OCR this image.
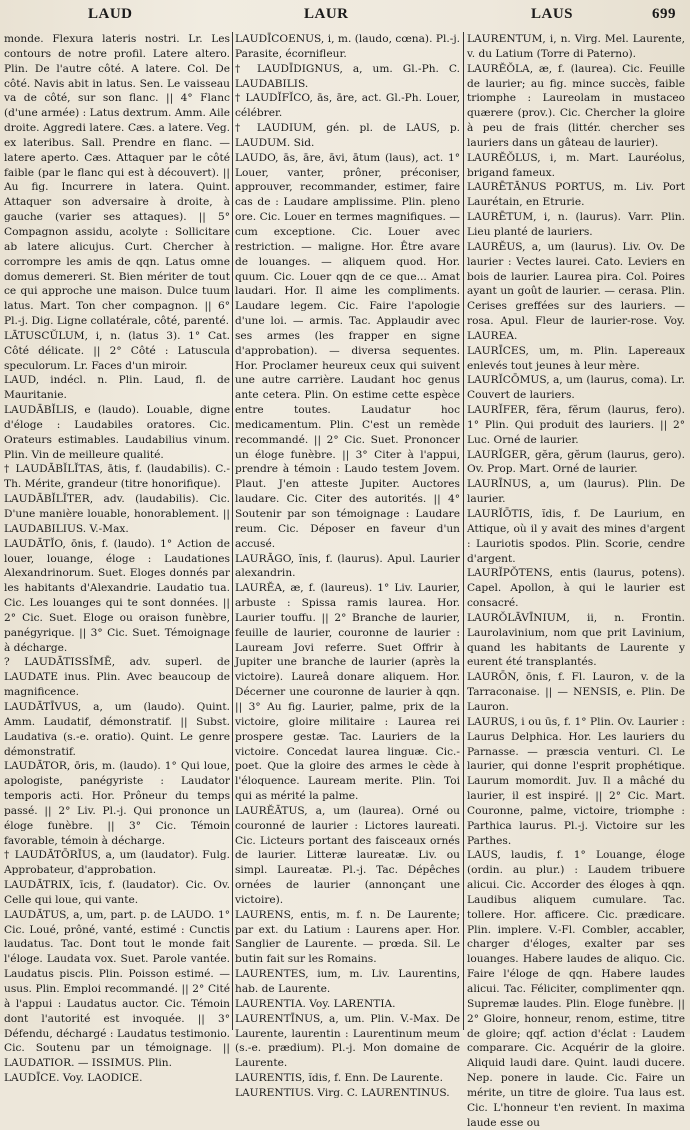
LAUD	LAUR	LAUS	699

monde. Flexura lateris nostri. Lr. Les contours de notre profil. Latere altero. Plin. De l'autre côté. A latere. Col. De côté. Navis abit in latus. Sen. Le vaisseau va de côté, sur son flanc. || 4° Flanc (d'une armée) : Latus dextrum. Amm. Aile droite. Aggredi latere. Cæs. a latere. Veg. ex lateribus. Sall. Prendre en flanc. — latere aperto. Cæs. Attaquer par le côté faible (par le flanc qui est à découvert). || Au fig. Incurrere in latera. Quint. Attaquer son adversaire à droite, à gauche (varier ses attaques). || 5° Compagnon assidu, acolyte : Sollicitare ab latere alicujus. Curt. Chercher à corrompre les amis de qqn. Latus omne domus demereri. St. Bien mériter de tout ce qui approche une maison. Dulce tuum latus. Mart. Ton cher compagnon. || 6° Pl.-j. Dig. Ligne collatérale, côté, parenté.

LĀTUSCŬLUM, i, n. (latus 3). 1° Cat. Côté délicate. || 2° Côté : Latuscula speculorum. Lr. Faces d'un miroir.

LAUD, indécl. n. Plin. Laud, fl. de Mauritanie.

LAUDĀBĬLIS, e (laudo). Louable, digne d'éloge : Laudabiles oratores. Cic. Orateurs estimables. Laudabilius vinum. Plin. Vin de meilleure qualité.

† LAUDĀBĬLĬTAS, ātis, f. (laudabilis). C.-Th. Mérite, grandeur (titre honorifique).

LAUDĀBĬLĬTER, adv. (laudabilis). Cic. D'une manière louable, honorablement. || LAUDABILIUS. V.-Max.

LAUDĀTĬO, ōnis, f. (laudo). 1° Action de louer, louange, éloge : Laudationes Alexandrinorum. Suet. Eloges donnés par les habitants d'Alexandrie. Laudatio tua. Cic. Les louanges qui te sont données. || 2° Cic. Suet. Eloge ou oraison funèbre, panégyrique. || 3° Cic. Suet. Témoignage à décharge.

? LAUDĀTISSĬMĒ, adv. superl. de LAUDATE inus. Plin. Avec beaucoup de magnificence.

LAUDĀTĪVUS, a, um (laudo). Quint. Amm. Laudatif, démonstratif. || Subst. Laudativa (s.-e. oratio). Quint. Le genre démonstratif.

LAUDĀTOR, ōris, m. (laudo). 1° Qui loue, apologiste, panégyriste : Laudator temporis acti. Hor. Prôneur du temps passé. || 2° Liv. Pl.-j. Qui prononce un éloge funèbre. || 3° Cic. Témoin favorable, témoin à décharge.

† LAUDĀTŌRĬUS, a, um (laudator). Fulg. Approbateur, d'approbation.

LAUDĀTRIX, īcis, f. (laudator). Cic. Ov. Celle qui loue, qui vante.

LAUDĀTUS, a, um, part. p. de LAUDO. 1° Cic. Loué, prôné, vanté, estimé : Cunctis laudatus. Tac. Dont tout le monde fait l'éloge. Laudata vox. Suet. Parole vantée. Laudatus piscis. Plin. Poisson estimé. — usus. Plin. Emploi recommandé. || 2° Cité à l'appui : Laudatus auctor. Cic. Témoin dont l'autorité est invoquée. || 3° Défendu, déchargé : Laudatus testimonio. Cic. Soutenu par un témoignage. || LAUDATIOR. — ISSIMUS. Plin.

LAUDĪCE. Voy. LAODICE.

LAUDĪCOENUS, i, m. (laudo, cœna). Pl.-j. Parasite, écornifleur.

† LAUDĪDIGNUS, a, um. Gl.-Ph. C. LAUDABILIS.

† LAUDĬFĬCO, ās, āre, act. Gl.-Ph. Louer, célébrer.

† LAUDIUM, gén. pl. de LAUS, p. LAUDUM. Sid.

LAUDO, ās, āre, āvi, ātum (laus), act. 1° Louer, vanter, prôner, préconiser, approuver, recommander, estimer, faire cas de : Laudare amplissime. Plin. pleno ore. Cic. Louer en termes magnifiques. — cum exceptione. Cic. Louer avec restriction. — maligne. Hor. Être avare de louanges. — aliquem quod. Hor. quum. Cic. Louer qqn de ce que... Amat laudari. Hor. Il aime les compliments. Laudare legem. Cic. Faire l'apologie d'une loi. — armis. Tac. Applaudir avec ses armes (les frapper en signe d'approbation). — diversa sequentes. Hor. Proclamer heureux ceux qui suivent une autre carrière. Laudant hoc genus ante cetera. Plin. On estime cette espèce entre toutes. Laudatur hoc medicamentum. Plin. C'est un remède recommandé. || 2° Cic. Suet. Prononcer un éloge funèbre. || 3° Citer à l'appui, prendre à témoin : Laudo testem Jovem. Plaut. J'en atteste Jupiter. Auctores laudare. Cic. Citer des autorités. || 4° Soutenir par son témoignage : Laudare reum. Cic. Déposer en faveur d'un accusé.

LAURĀGO, ĭnis, f. (laurus). Apul. Laurier alexandrin.

LAURĔA, æ, f. (laureus). 1° Liv. Laurier, arbuste : Spissa ramis laurea. Hor. Laurier touffu. || 2° Branche de laurier, feuille de laurier, couronne de laurier : Lauream Jovi referre. Suet Offrir à Jupiter une branche de laurier (après la victoire). Laureâ donare aliquem. Hor. Décerner une couronne de laurier à qqn. || 3° Au fig. Laurier, palme, prix de la victoire, gloire militaire : Laurea rei prospere gestæ. Tac. Lauriers de la victoire. Concedat laurea linguæ. Cic.-poet. Que la gloire des armes le cède à l'éloquence. Lauream merite. Plin. Toi qui as mérité la palme.

LAURĔĀTUS, a, um (laurea). Orné ou couronné de laurier : Lictores laureati. Cic. Licteurs portant des faisceaux ornés de laurier. Litteræ laureatæ. Liv. ou simpl. Laureatæ. Pl.-j. Tac. Dépêches ornées de laurier (annonçant une victoire).

LAURENS, entis, m. f. n. De Laurente; par ext. du Latium : Laurens aper. Hor. Sanglier de Laurente. — prœda. Sil. Le butin fait sur les Romains.

LAURENTES, ium, m. Liv. Laurentins, hab. de Laurente.

LAURENTIA. Voy. LARENTIA.

LAURENTĪNUS, a, um. Plin. V.-Max. De Laurente, laurentin : Laurentinum meum (s.-e. prædium). Pl.-j. Mon domaine de Laurente.

LAURENTIS, ĭdis, f. Enn. De Laurente.

LAURENTIUS. Virg. C. LAURENTINUS.

LAURENTUM, i, n. Virg. Mel. Laurente, v. du Latium (Torre di Paterno).

LAURĔŎLA, æ, f. (laurea). Cic. Feuille de laurier; au fig. mince succès, faible triomphe : Laureolam in mustaceo quærere (prov.). Cic. Chercher la gloire à peu de frais (littér. chercher ses lauriers dans un gâteau de laurier).

LAURĔŎLUS, i, m. Mart. Lauréolus, brigand fameux.

LAURĒTĀNUS PORTUS, m. Liv. Port Laurétain, en Etrurie.

LAURĒTUM, i, n. (laurus). Varr. Plin. Lieu planté de lauriers.

LAURĔUS, a, um (laurus). Liv. Ov. De laurier : Vectes laurei. Cato. Leviers en bois de laurier. Laurea pira. Col. Poires ayant un goût de laurier. — cerasa. Plin. Cerises greffées sur des lauriers. — rosa. Apul. Fleur de laurier-rose. Voy. LAUREA.

LAURĪCES, um, m. Plin. Lapereaux enlevés tout jeunes à leur mère.

LAURĬCŌMUS, a, um (laurus, coma). Lr. Couvert de lauriers.

LAURĬFER, fĕra, fĕrum (laurus, fero). 1° Plin. Qui produit des lauriers. || 2° Luc. Orné de laurier.

LAURĬGER, gĕra, gĕrum (laurus, gero). Ov. Prop. Mart. Orné de laurier.

LAURĪNUS, a, um (laurus). Plin. De laurier.

LAURĬŌTIS, ĭdis, f. De Laurium, en Attique, où il y avait des mines d'argent : Lauriotis spodos. Plin. Scorie, cendre d'argent.

LAURĬPŎTENS, entis (laurus, potens). Capel. Apollon, à qui le laurier est consacré.

LAURŎLĀVĪNIUM, ii, n. Frontin. Laurolavinium, nom que prit Lavinium, quand les habitants de Laurente y eurent été transplantés.

LAURŌN, ōnis, f. Fl. Lauron, v. de la Tarraconaise. || — NENSIS, e. Plin. De Lauron.

LAURUS, i ou ūs, f. 1° Plin. Ov. Laurier : Laurus Delphica. Hor. Les lauriers du Parnasse. — præscia venturi. Cl. Le laurier, qui donne l'esprit prophétique. Laurum momordit. Juv. Il a mâché du laurier, il est inspiré. || 2° Cic. Mart. Couronne, palme, victoire, triomphe : Parthica laurus. Pl.-j. Victoire sur les Parthes.

LAUS, laudis, f. 1° Louange, éloge (ordin. au plur.) : Laudem tribuere alicui. Cic. Accorder des éloges à qqn. Laudibus aliquem cumulare. Tac. tollere. Hor. afficere. Cic. prædicare. Plin. implere. V.-Fl. Combler, accabler, charger d'éloges, exalter par ses louanges. Habere laudes de aliquo. Cic. Faire l'éloge de qqn. Habere laudes alicui. Tac. Féliciter, complimenter qqn. Supremæ laudes. Plin. Eloge funèbre. || 2° Gloire, honneur, renom, estime, titre de gloire; qqf. action d'éclat : Laudem comparare. Cic. Acquérir de la gloire. Aliquid laudi dare. Quint. laudi ducere. Nep. ponere in laude. Cic. Faire un mérite, un titre de gloire. Tua laus est. Cic. L'honneur t'en revient. In maxima laude esse ou
